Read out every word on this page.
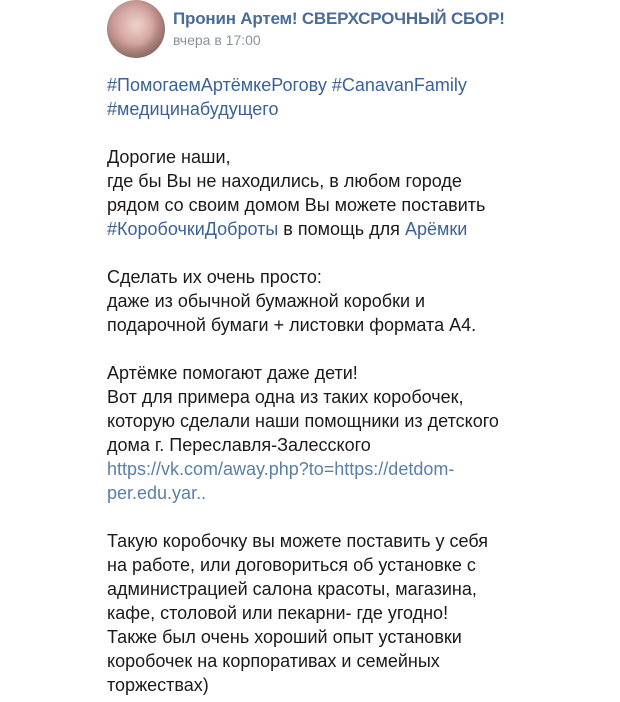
Пронин Артем! СВЕРХСРОЧНЫЙ СБОР!
вчера в 17:00
#ПомогаемАртёмкеРогову #CanavanFamily
#медицинабудущего
Дорогие наши,
где бы Вы не находились, в любом городе
рядом со своим домом Вы можете поставить
#КоробочкиДоброты в помощь для Арёмки
Сделать их очень просто:
даже из обычной бумажной коробки и
подарочной бумаги + листовки формата А4.
Артёмке помогают даже дети!
Вот для примера одна из таких коробочек,
которую сделали наши помощники из детского
дома г. Переславля-Залесского
https://vk.com/away.php?to=https://detdom-
per.edu.yar..
Такую коробочку вы можете поставить у себя
на работе, или договориться об установке с
администрацией салона красоты, магазина,
кафе, столовой или пекарни- где угодно!
Также был очень хороший опыт установки
коробочек на корпоративах и семейных
торжествах)
